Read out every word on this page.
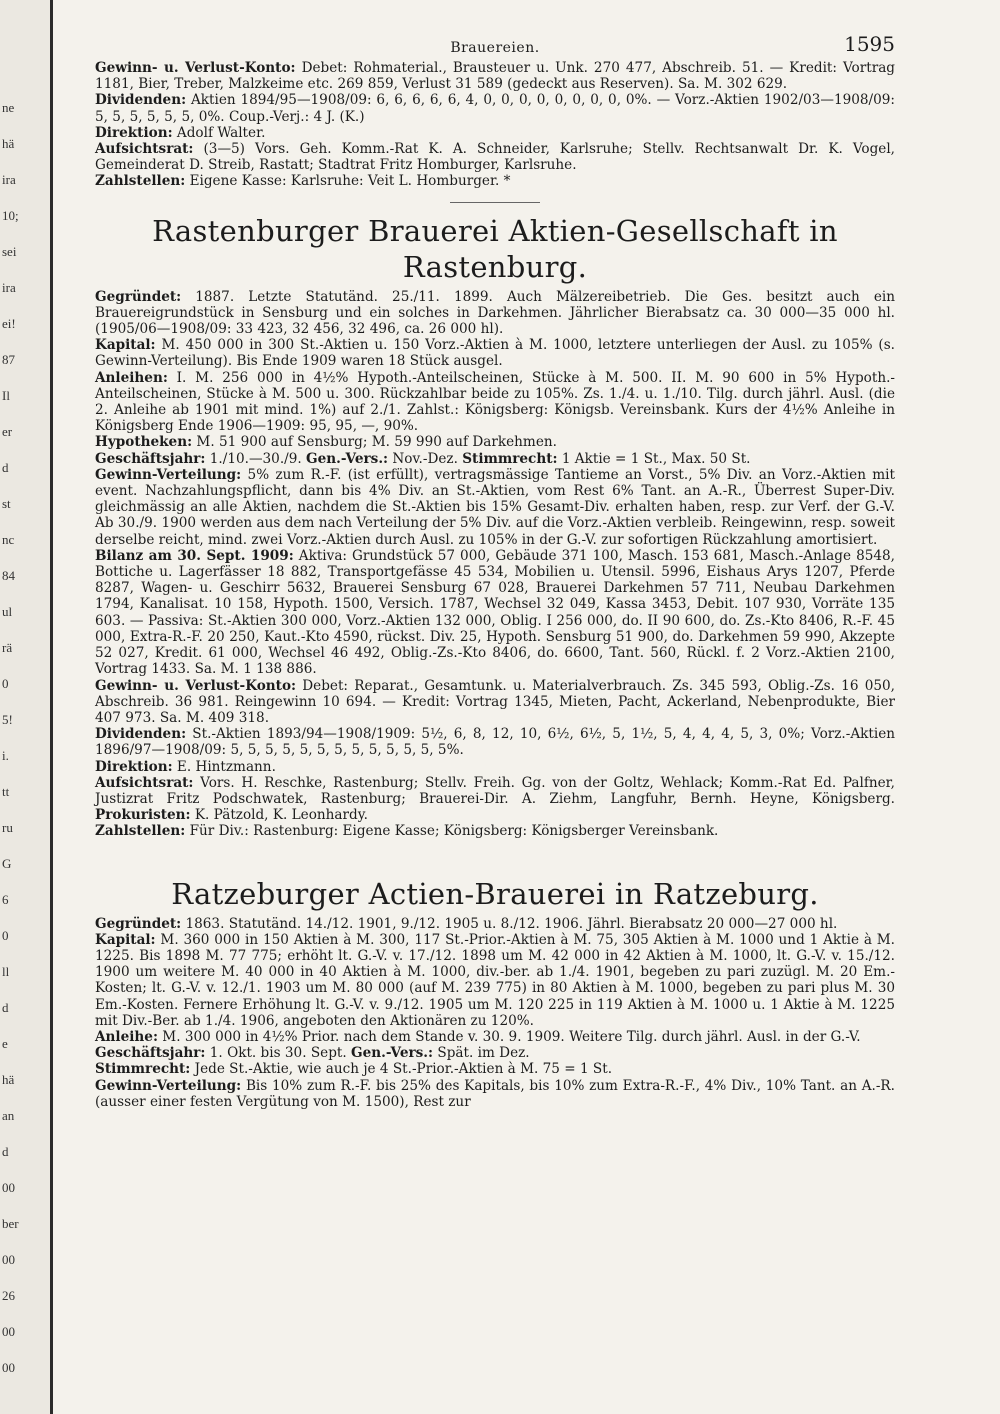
ne
hä
ira
10;
sei
ira
ei!
87
Il
er
d
st
nc
84
ul
rä
0
5!
i.
tt
ru
G
6
0
ll
d
e
hä
an
d
00
ber
00
26
00
00
Brauereien.	1595

Gewinn- u. Verlust-Konto: Debet: Rohmaterial., Brausteuer u. Unk. 270 477, Abschreib. 51. — Kredit: Vortrag 1181, Bier, Treber, Malzkeime etc. 269 859, Verlust 31 589 (gedeckt aus Reserven). Sa. M. 302 629.

Dividenden: Aktien 1894/95—1908/09: 6, 6, 6, 6, 6, 4, 0, 0, 0, 0, 0, 0, 0, 0, 0%. — Vorz.-Aktien 1902/03—1908/09: 5, 5, 5, 5, 5, 5, 0%. Coup.-Verj.: 4 J. (K.)

Direktion: Adolf Walter.

Aufsichtsrat: (3—5) Vors. Geh. Komm.-Rat K. A. Schneider, Karlsruhe; Stellv. Rechtsanwalt Dr. K. Vogel, Gemeinderat D. Streib, Rastatt; Stadtrat Fritz Homburger, Karlsruhe.

Zahlstellen: Eigene Kasse: Karlsruhe: Veit L. Homburger. *

Rastenburger Brauerei Aktien-Gesellschaft in Rastenburg.

Gegründet: 1887. Letzte Statutänd. 25./11. 1899. Auch Mälzereibetrieb. Die Ges. besitzt auch ein Brauereigrundstück in Sensburg und ein solches in Darkehmen. Jährlicher Bierabsatz ca. 30 000—35 000 hl. (1905/06—1908/09: 33 423, 32 456, 32 496, ca. 26 000 hl).

Kapital: M. 450 000 in 300 St.-Aktien u. 150 Vorz.-Aktien à M. 1000, letztere unterliegen der Ausl. zu 105% (s. Gewinn-Verteilung). Bis Ende 1909 waren 18 Stück ausgel.

Anleihen: I. M. 256 000 in 4½% Hypoth.-Anteilscheinen, Stücke à M. 500. II. M. 90 600 in 5% Hypoth.-Anteilscheinen, Stücke à M. 500 u. 300. Rückzahlbar beide zu 105%. Zs. 1./4. u. 1./10. Tilg. durch jährl. Ausl. (die 2. Anleihe ab 1901 mit mind. 1%) auf 2./1. Zahlst.: Königsberg: Königsb. Vereinsbank. Kurs der 4½% Anleihe in Königsberg Ende 1906—1909: 95, 95, —, 90%.

Hypotheken: M. 51 900 auf Sensburg; M. 59 990 auf Darkehmen.

Geschäftsjahr: 1./10.—30./9. Gen.-Vers.: Nov.-Dez. Stimmrecht: 1 Aktie = 1 St., Max. 50 St.

Gewinn-Verteilung: 5% zum R.-F. (ist erfüllt), vertragsmässige Tantieme an Vorst., 5% Div. an Vorz.-Aktien mit event. Nachzahlungspflicht, dann bis 4% Div. an St.-Aktien, vom Rest 6% Tant. an A.-R., Überrest Super-Div. gleichmässig an alle Aktien, nachdem die St.-Aktien bis 15% Gesamt-Div. erhalten haben, resp. zur Verf. der G.-V. Ab 30./9. 1900 werden aus dem nach Verteilung der 5% Div. auf die Vorz.-Aktien verbleib. Reingewinn, resp. soweit derselbe reicht, mind. zwei Vorz.-Aktien durch Ausl. zu 105% in der G.-V. zur sofortigen Rückzahlung amortisiert.

Bilanz am 30. Sept. 1909: Aktiva: Grundstück 57 000, Gebäude 371 100, Masch. 153 681, Masch.-Anlage 8548, Bottiche u. Lagerfässer 18 882, Transportgefässe 45 534, Mobilien u. Utensil. 5996, Eishaus Arys 1207, Pferde 8287, Wagen- u. Geschirr 5632, Brauerei Sensburg 67 028, Brauerei Darkehmen 57 711, Neubau Darkehmen 1794, Kanalisat. 10 158, Hypoth. 1500, Versich. 1787, Wechsel 32 049, Kassa 3453, Debit. 107 930, Vorräte 135 603. — Passiva: St.-Aktien 300 000, Vorz.-Aktien 132 000, Oblig. I 256 000, do. II 90 600, do. Zs.-Kto 8406, R.-F. 45 000, Extra-R.-F. 20 250, Kaut.-Kto 4590, rückst. Div. 25, Hypoth. Sensburg 51 900, do. Darkehmen 59 990, Akzepte 52 027, Kredit. 61 000, Wechsel 46 492, Oblig.-Zs.-Kto 8406, do. 6600, Tant. 560, Rückl. f. 2 Vorz.-Aktien 2100, Vortrag 1433. Sa. M. 1 138 886.

Gewinn- u. Verlust-Konto: Debet: Reparat., Gesamtunk. u. Materialverbrauch. Zs. 345 593, Oblig.-Zs. 16 050, Abschreib. 36 981. Reingewinn 10 694. — Kredit: Vortrag 1345, Mieten, Pacht, Ackerland, Nebenprodukte, Bier 407 973. Sa. M. 409 318.

Dividenden: St.-Aktien 1893/94—1908/1909: 5½, 6, 8, 12, 10, 6½, 6½, 5, 1½, 5, 4, 4, 4, 5, 3, 0%; Vorz.-Aktien 1896/97—1908/09: 5, 5, 5, 5, 5, 5, 5, 5, 5, 5, 5, 5, 5%.

Direktion: E. Hintzmann.

Aufsichtsrat: Vors. H. Reschke, Rastenburg; Stellv. Freih. Gg. von der Goltz, Wehlack; Komm.-Rat Ed. Palfner, Justizrat Fritz Podschwatek, Rastenburg; Brauerei-Dir. A. Ziehm, Langfuhr, Bernh. Heyne, Königsberg. Prokuristen: K. Pätzold, K. Leonhardy.

Zahlstellen: Für Div.: Rastenburg: Eigene Kasse; Königsberg: Königsberger Vereinsbank.

Ratzeburger Actien-Brauerei in Ratzeburg.

Gegründet: 1863. Statutänd. 14./12. 1901, 9./12. 1905 u. 8./12. 1906. Jährl. Bierabsatz 20 000—27 000 hl.

Kapital: M. 360 000 in 150 Aktien à M. 300, 117 St.-Prior.-Aktien à M. 75, 305 Aktien à M. 1000 und 1 Aktie à M. 1225. Bis 1898 M. 77 775; erhöht lt. G.-V. v. 17./12. 1898 um M. 42 000 in 42 Aktien à M. 1000, lt. G.-V. v. 15./12. 1900 um weitere M. 40 000 in 40 Aktien à M. 1000, div.-ber. ab 1./4. 1901, begeben zu pari zuzügl. M. 20 Em.-Kosten; lt. G.-V. v. 12./1. 1903 um M. 80 000 (auf M. 239 775) in 80 Aktien à M. 1000, begeben zu pari plus M. 30 Em.-Kosten. Fernere Erhöhung lt. G.-V. v. 9./12. 1905 um M. 120 225 in 119 Aktien à M. 1000 u. 1 Aktie à M. 1225 mit Div.-Ber. ab 1./4. 1906, angeboten den Aktionären zu 120%.

Anleihe: M. 300 000 in 4½% Prior. nach dem Stande v. 30. 9. 1909. Weitere Tilg. durch jährl. Ausl. in der G.-V.

Geschäftsjahr: 1. Okt. bis 30. Sept. Gen.-Vers.: Spät. im Dez.

Stimmrecht: Jede St.-Aktie, wie auch je 4 St.-Prior.-Aktien à M. 75 = 1 St.

Gewinn-Verteilung: Bis 10% zum R.-F. bis 25% des Kapitals, bis 10% zum Extra-R.-F., 4% Div., 10% Tant. an A.-R. (ausser einer festen Vergütung von M. 1500), Rest zur
